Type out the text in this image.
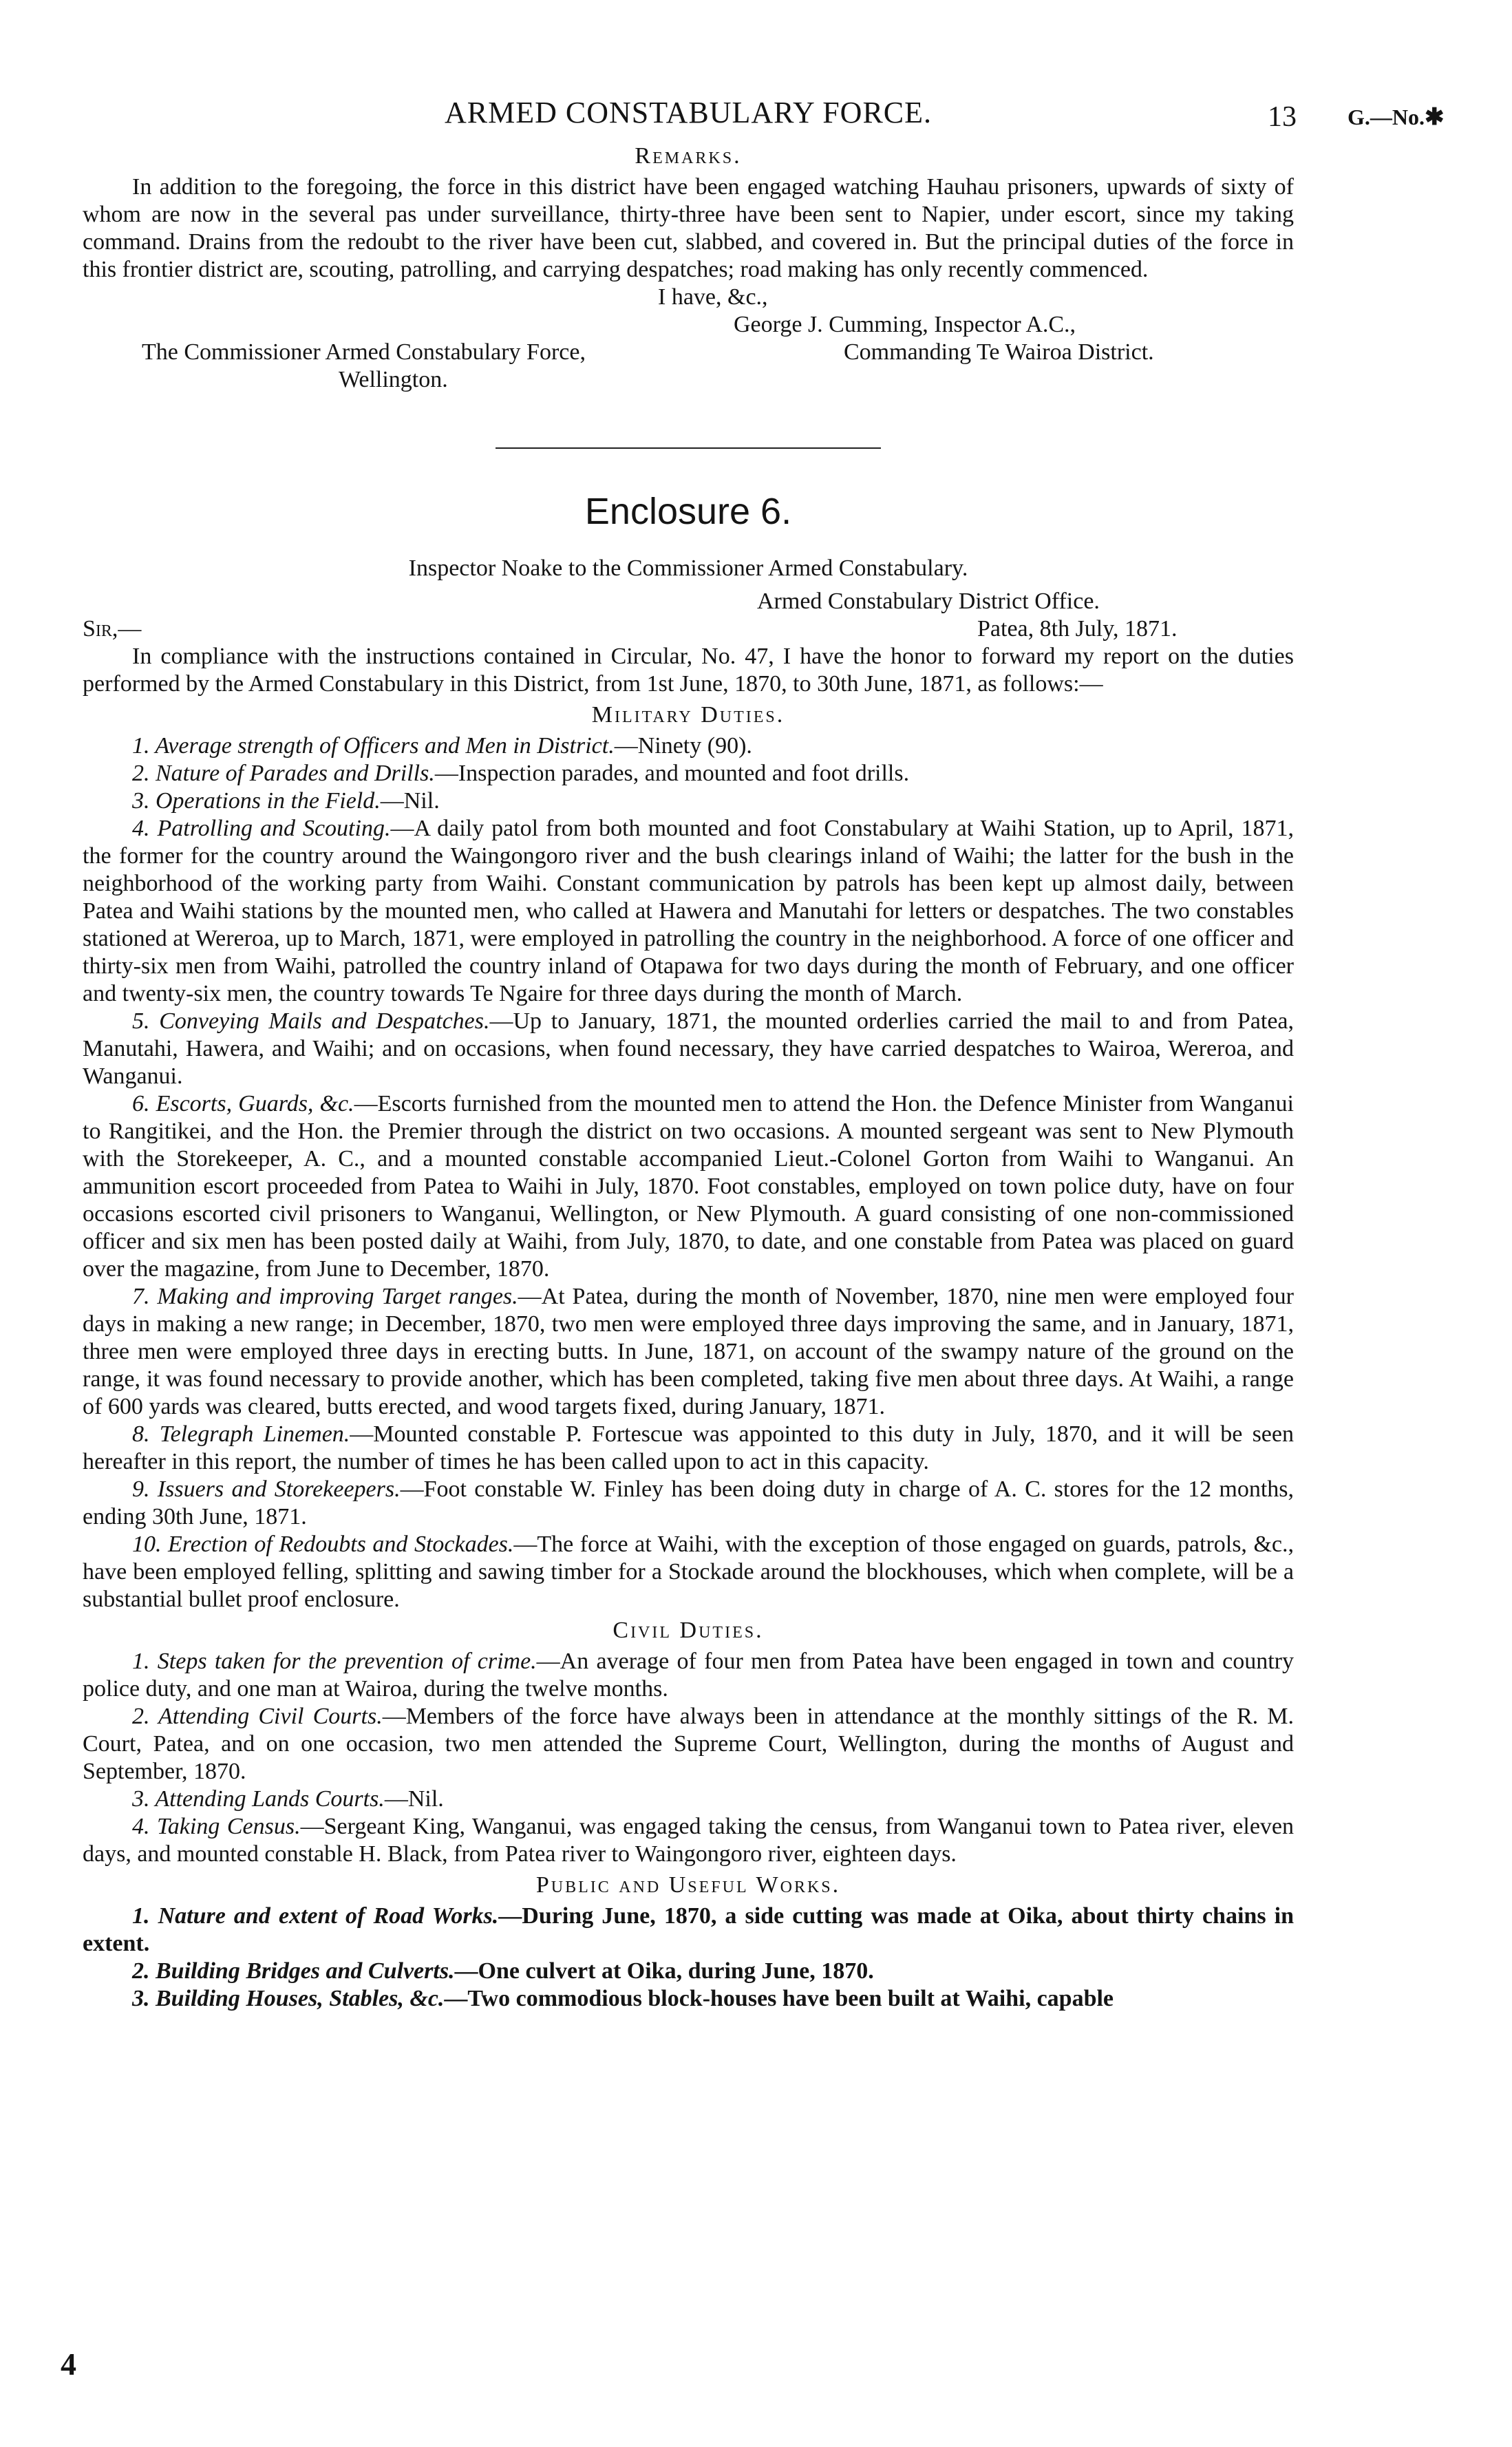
ARMED CONSTABULARY FORCE.	13 G.—No.✱
Remarks.

In addition to the foregoing, the force in this district have been engaged watching Hauhau prisoners, upwards of sixty of whom are now in the several pas under surveillance, thirty-three have been sent to Napier, under escort, since my taking command. Drains from the redoubt to the river have been cut, slabbed, and covered in. But the principal duties of the force in this frontier district are, scouting, patrolling, and carrying despatches; road making has only recently commenced.

I have, &c.,
George J. Cumming, Inspector A.C.,
The Commissioner Armed Constabulary Force,	Commanding Te Wairoa District.
Wellington.
Enclosure 6.
Inspector Noake to the Commissioner Armed Constabulary.
Armed Constabulary District Office.
Sir,—	Patea, 8th July, 1871.

In compliance with the instructions contained in Circular, No. 47, I have the honor to forward my report on the duties performed by the Armed Constabulary in this District, from 1st June, 1870, to 30th June, 1871, as follows:—

Military Duties.

1. Average strength of Officers and Men in District.—Ninety (90).

2. Nature of Parades and Drills.—Inspection parades, and mounted and foot drills.

3. Operations in the Field.—Nil.

4. Patrolling and Scouting.—A daily patol from both mounted and foot Constabulary at Waihi Station, up to April, 1871, the former for the country around the Waingongoro river and the bush clearings inland of Waihi; the latter for the bush in the neighborhood of the working party from Waihi. Constant communication by patrols has been kept up almost daily, between Patea and Waihi stations by the mounted men, who called at Hawera and Manutahi for letters or despatches. The two constables stationed at Wereroa, up to March, 1871, were employed in patrolling the country in the neighborhood. A force of one officer and thirty-six men from Waihi, patrolled the country inland of Otapawa for two days during the month of February, and one officer and twenty-six men, the country towards Te Ngaire for three days during the month of March.

5. Conveying Mails and Despatches.—Up to January, 1871, the mounted orderlies carried the mail to and from Patea, Manutahi, Hawera, and Waihi; and on occasions, when found necessary, they have carried despatches to Wairoa, Wereroa, and Wanganui.

6. Escorts, Guards, &c.—Escorts furnished from the mounted men to attend the Hon. the Defence Minister from Wanganui to Rangitikei, and the Hon. the Premier through the district on two occasions. A mounted sergeant was sent to New Plymouth with the Storekeeper, A. C., and a mounted constable accompanied Lieut.-Colonel Gorton from Waihi to Wanganui. An ammunition escort proceeded from Patea to Waihi in July, 1870. Foot constables, employed on town police duty, have on four occasions escorted civil prisoners to Wanganui, Wellington, or New Plymouth. A guard consisting of one non-commissioned officer and six men has been posted daily at Waihi, from July, 1870, to date, and one constable from Patea was placed on guard over the magazine, from June to December, 1870.

7. Making and improving Target ranges.—At Patea, during the month of November, 1870, nine men were employed four days in making a new range; in December, 1870, two men were employed three days improving the same, and in January, 1871, three men were employed three days in erecting butts. In June, 1871, on account of the swampy nature of the ground on the range, it was found necessary to provide another, which has been completed, taking five men about three days. At Waihi, a range of 600 yards was cleared, butts erected, and wood targets fixed, during January, 1871.

8. Telegraph Linemen.—Mounted constable P. Fortescue was appointed to this duty in July, 1870, and it will be seen hereafter in this report, the number of times he has been called upon to act in this capacity.

9. Issuers and Storekeepers.—Foot constable W. Finley has been doing duty in charge of A. C. stores for the 12 months, ending 30th June, 1871.

10. Erection of Redoubts and Stockades.—The force at Waihi, with the exception of those engaged on guards, patrols, &c., have been employed felling, splitting and sawing timber for a Stockade around the blockhouses, which when complete, will be a substantial bullet proof enclosure.

Civil Duties.

1. Steps taken for the prevention of crime.—An average of four men from Patea have been engaged in town and country police duty, and one man at Wairoa, during the twelve months.

2. Attending Civil Courts.—Members of the force have always been in attendance at the monthly sittings of the R. M. Court, Patea, and on one occasion, two men attended the Supreme Court, Wellington, during the months of August and September, 1870.

3. Attending Lands Courts.—Nil.

4. Taking Census.—Sergeant King, Wanganui, was engaged taking the census, from Wanganui town to Patea river, eleven days, and mounted constable H. Black, from Patea river to Waingongoro river, eighteen days.

Public and Useful Works.

1. Nature and extent of Road Works.—During June, 1870, a side cutting was made at Oika, about thirty chains in extent.

2. Building Bridges and Culverts.—One culvert at Oika, during June, 1870.

3. Building Houses, Stables, &c.—Two commodious block-houses have been built at Waihi, capable

4
